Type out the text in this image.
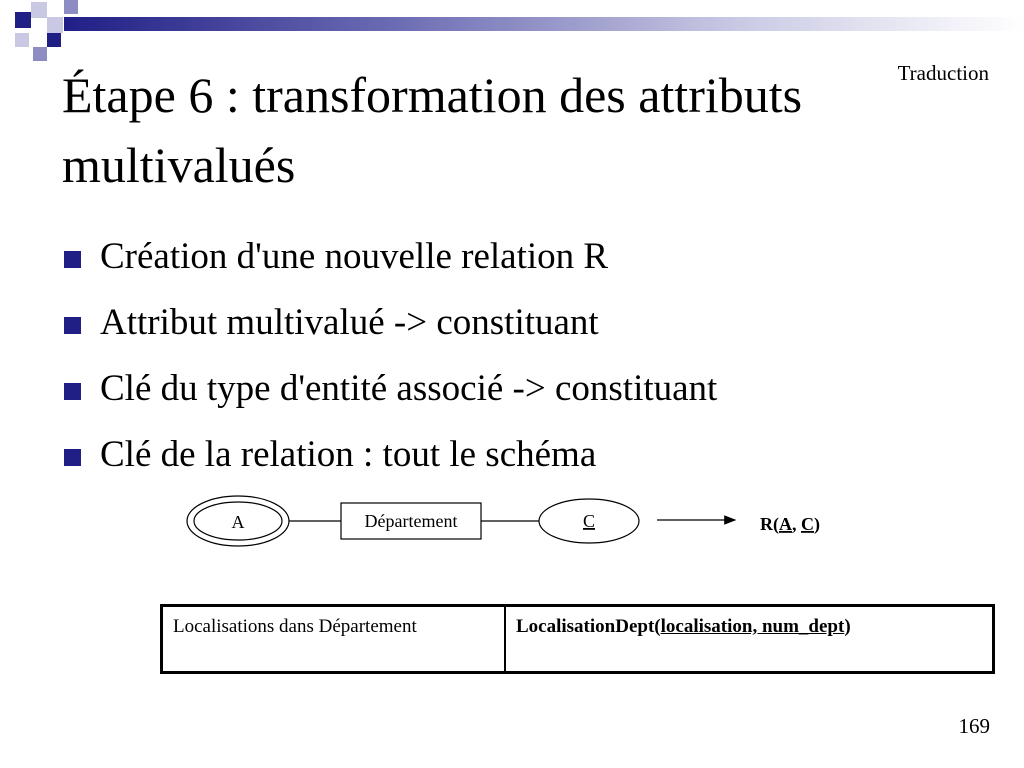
Étape 6 : transformation des attributs multivalués
Traduction
Création d'une nouvelle relation R
Attribut multivalué -> constituant
Clé du type d'entité associé -> constituant
Clé de la relation : tout le schéma
A	Département	C	R(A, C)
Localisations dans Département	LocalisationDept(localisation, num_dept)
169
